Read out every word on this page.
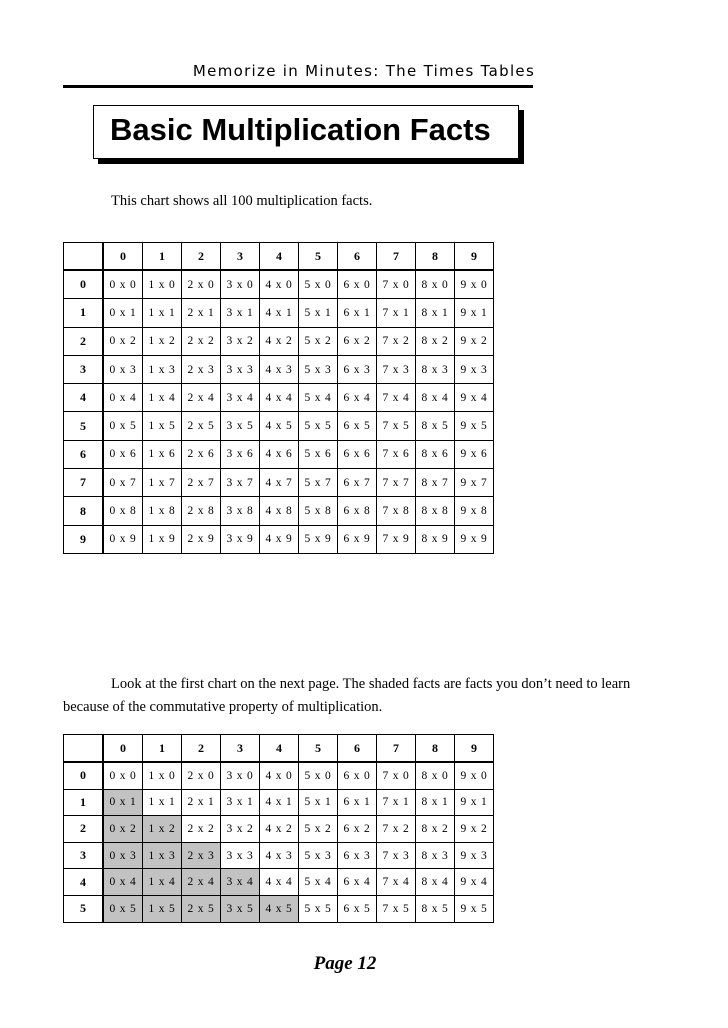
Memorize in Minutes: The Times Tables
Basic Multiplication Facts
This chart shows all 100 multiplication facts.
	0	1	2	3	4	5	6	7	8	9
0	0 x 0	1 x 0	2 x 0	3 x 0	4 x 0	5 x 0	6 x 0	7 x 0	8 x 0	9 x 0
1	0 x 1	1 x 1	2 x 1	3 x 1	4 x 1	5 x 1	6 x 1	7 x 1	8 x 1	9 x 1
2	0 x 2	1 x 2	2 x 2	3 x 2	4 x 2	5 x 2	6 x 2	7 x 2	8 x 2	9 x 2
3	0 x 3	1 x 3	2 x 3	3 x 3	4 x 3	5 x 3	6 x 3	7 x 3	8 x 3	9 x 3
4	0 x 4	1 x 4	2 x 4	3 x 4	4 x 4	5 x 4	6 x 4	7 x 4	8 x 4	9 x 4
5	0 x 5	1 x 5	2 x 5	3 x 5	4 x 5	5 x 5	6 x 5	7 x 5	8 x 5	9 x 5
6	0 x 6	1 x 6	2 x 6	3 x 6	4 x 6	5 x 6	6 x 6	7 x 6	8 x 6	9 x 6
7	0 x 7	1 x 7	2 x 7	3 x 7	4 x 7	5 x 7	6 x 7	7 x 7	8 x 7	9 x 7
8	0 x 8	1 x 8	2 x 8	3 x 8	4 x 8	5 x 8	6 x 8	7 x 8	8 x 8	9 x 8
9	0 x 9	1 x 9	2 x 9	3 x 9	4 x 9	5 x 9	6 x 9	7 x 9	8 x 9	9 x 9
Look at the first chart on the next page. The shaded facts are facts you don’t need to learn because of the commutative property of multiplication.
	0	1	2	3	4	5	6	7	8	9
0	0 x 0	1 x 0	2 x 0	3 x 0	4 x 0	5 x 0	6 x 0	7 x 0	8 x 0	9 x 0
1	0 x 1	1 x 1	2 x 1	3 x 1	4 x 1	5 x 1	6 x 1	7 x 1	8 x 1	9 x 1
2	0 x 2	1 x 2	2 x 2	3 x 2	4 x 2	5 x 2	6 x 2	7 x 2	8 x 2	9 x 2
3	0 x 3	1 x 3	2 x 3	3 x 3	4 x 3	5 x 3	6 x 3	7 x 3	8 x 3	9 x 3
4	0 x 4	1 x 4	2 x 4	3 x 4	4 x 4	5 x 4	6 x 4	7 x 4	8 x 4	9 x 4
5	0 x 5	1 x 5	2 x 5	3 x 5	4 x 5	5 x 5	6 x 5	7 x 5	8 x 5	9 x 5
Page 12
